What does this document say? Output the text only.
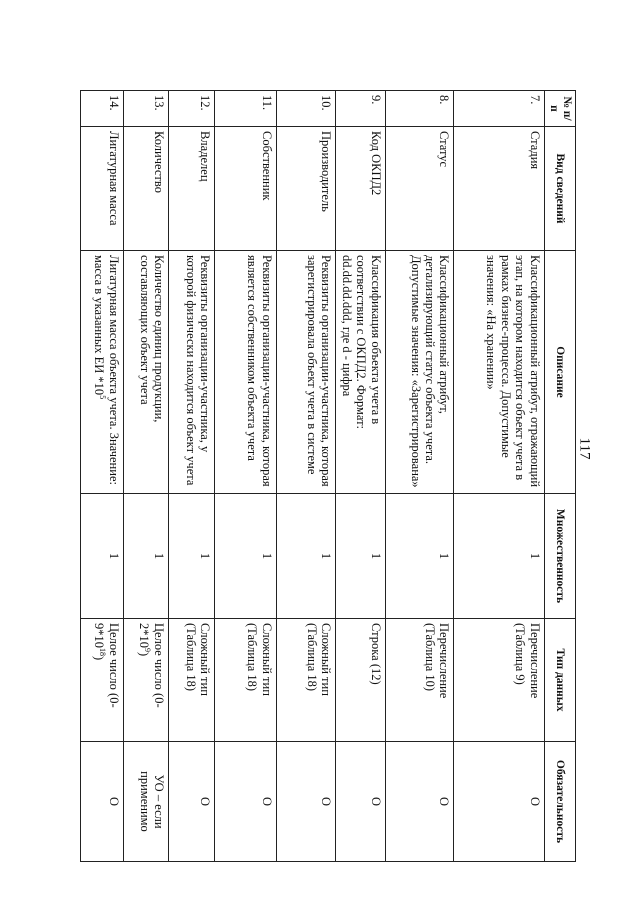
117
№ п/п	Вид сведений	Описание	Множественность	Тип данных	Обязательность
7.	Стадия	Классификационный атрибут, отражающий этап, на котором находится объект учета в рамках бизнес-процесса. Допустимые значения: «На хранении»	1	Перечисление (Таблица 9)	О
8.	Статус	Классификационный атрибут, детализирующий статус объекта учета. Допустимые значения: «Зарегистрирована»	1	Перечисление (Таблица 10)	О
9.	Код ОКПД2	Классификация объекта учета в соответствии с ОКПД2. Формат: dd.dd.dd.ddd, где d - цифра	1	Строка (12)	О
10.	Производитель	Реквизиты организации-участника, которая зарегистрировала объект учета в системе	1	Сложный тип (Таблица 18)	О
11.	Собственник	Реквизиты организации-участника, которая является собственником объекта учета	1	Сложный тип (Таблица 18)	О
12.	Владелец	Реквизиты организации-участника, у которой физически находится объект учета	1	Сложный тип (Таблица 18)	О
13.	Количество	Количество единиц продукции, составляющих объект учета	1	Целое число $(0-2*10^9)$	УО – если применимо
14.	Лигатурная масса	Лигатурная масса объекта учета. Значение: масса в указанных ЕИ $*10^5$	1	Целое число $(0-9*10^{18})$	О
